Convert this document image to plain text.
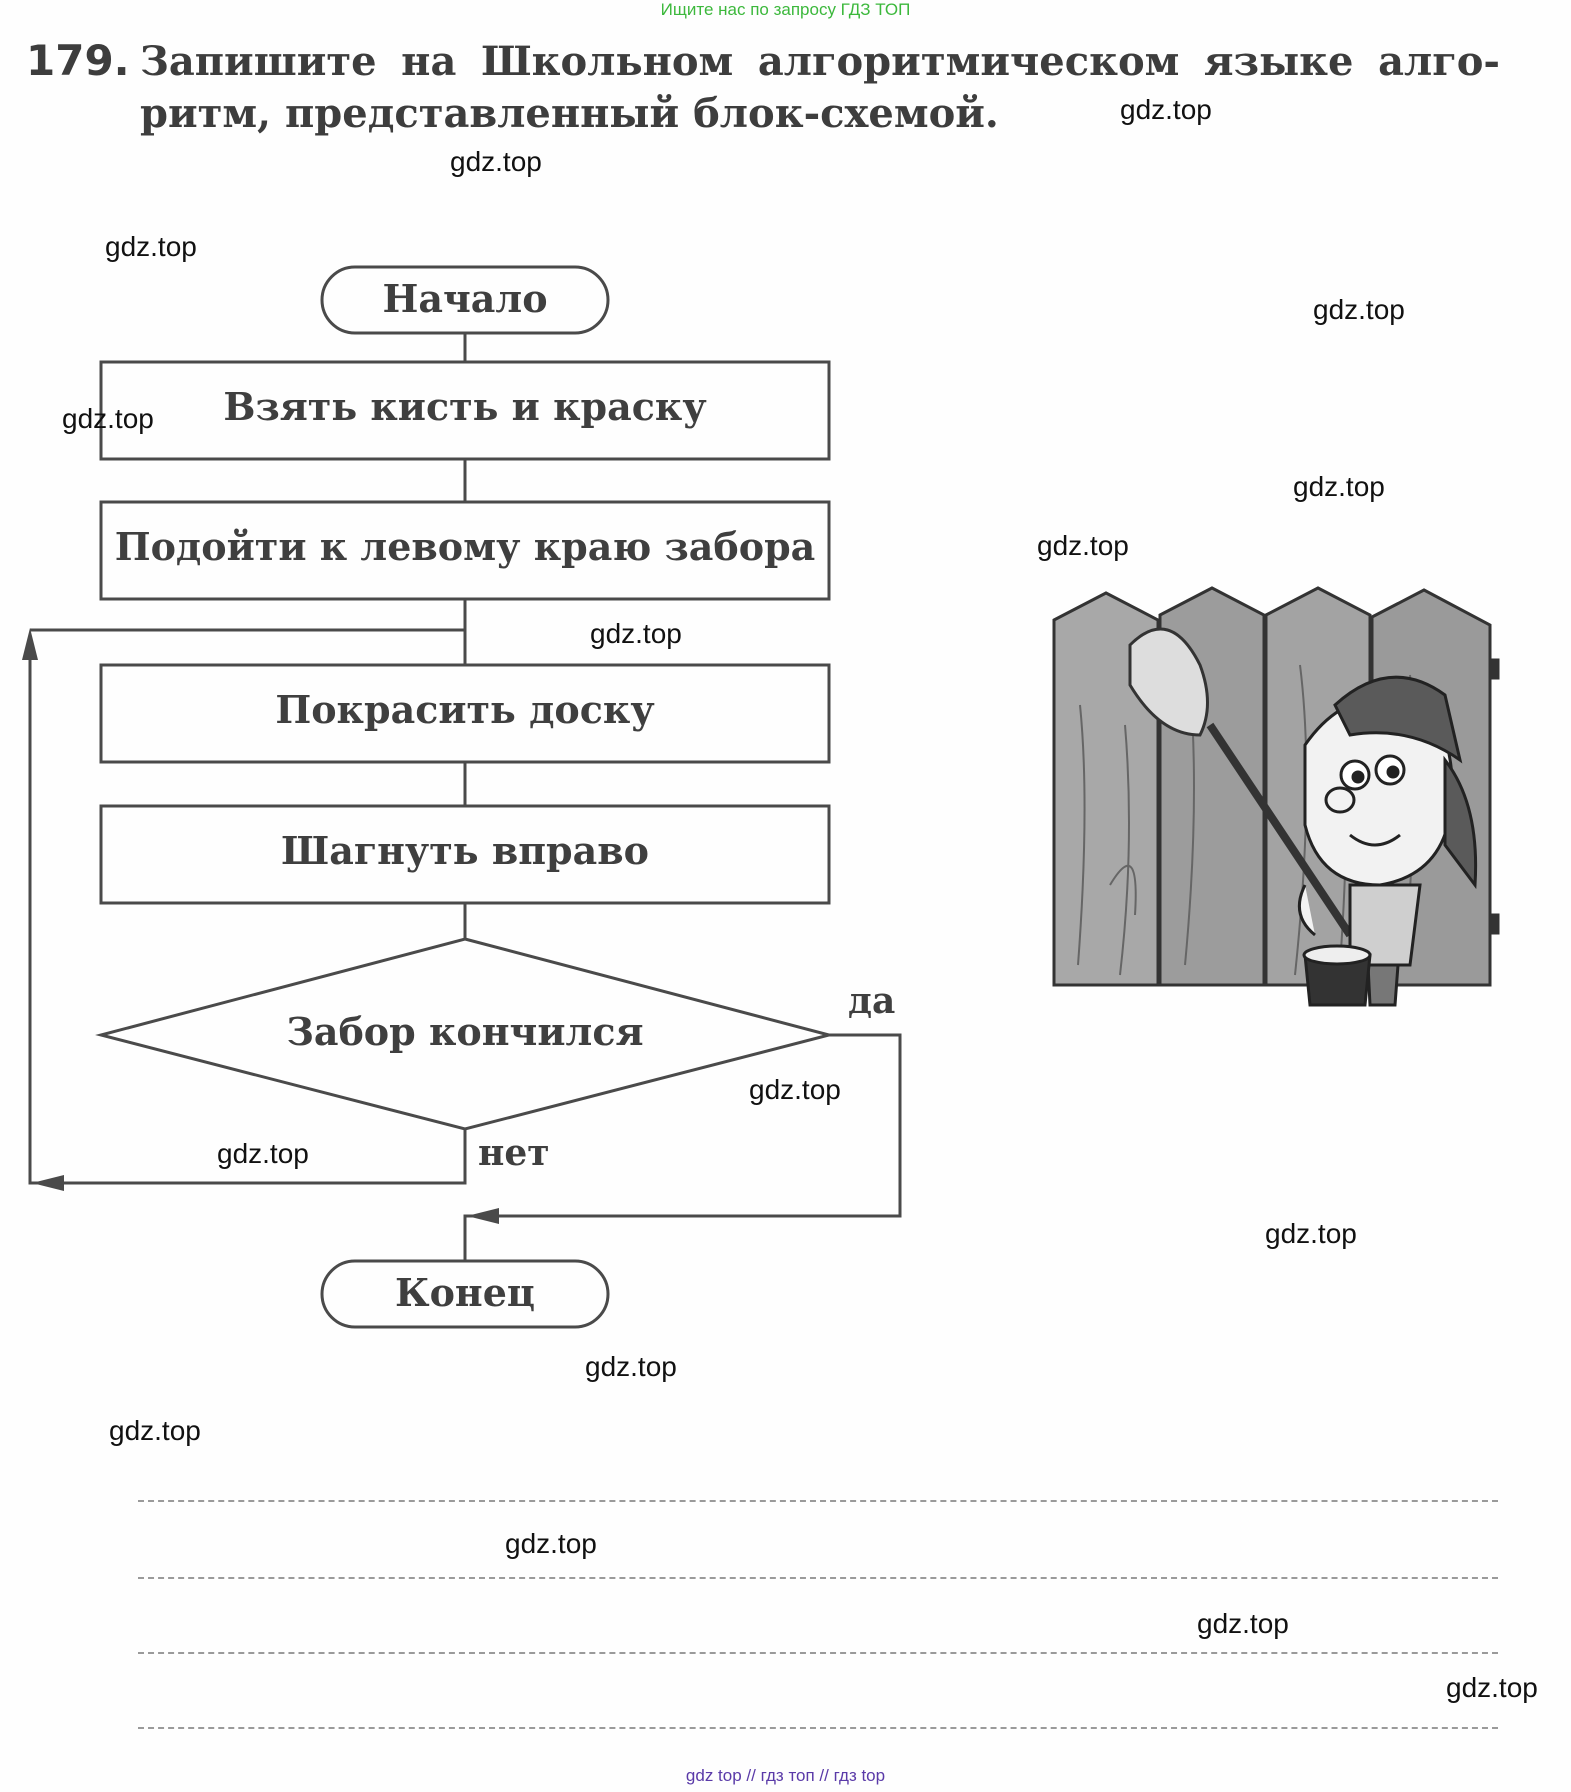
Ищите нас по запросу ГДЗ ТОП
179. Запишите на Школьном алгоритмическом языке алго-
ритм, представленный блок-схемой.
Начало
Взять кисть и краску
Подойти к левому краю забора
Покрасить доску
Шагнуть вправо
Забор кончился
да
нет
Конец
gdz.top
gdz.top
gdz.top
gdz.top
gdz.top
gdz.top
gdz.top
gdz.top
gdz.top
gdz.top
gdz.top
gdz.top
gdz.top
gdz.top
gdz.top
gdz.top
gdz top // гдз топ // гдз top
